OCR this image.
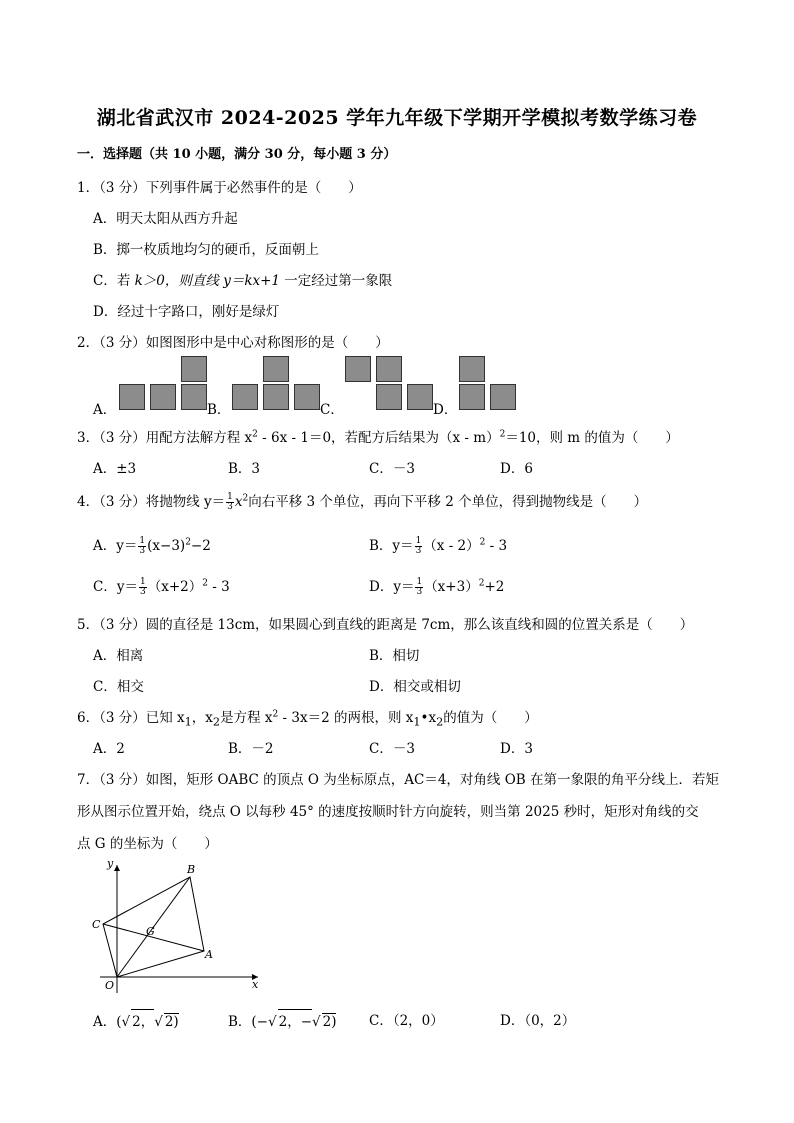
湖北省武汉市 2024-2025 学年九年级下学期开学模拟考数学练习卷
一．选择题（共 10 小题，满分 30 分，每小题 3 分）
1．（3 分）下列事件属于必然事件的是（　　）
A．明天太阳从西方升起
B．掷一枚质地均匀的硬币，反面朝上
C．若 k＞0，则直线 y＝kx+1 一定经过第一象限
D．经过十字路口，刚好是绿灯
2．（3 分）如图图形中是中心对称图形的是（　　）
A．	B．	C．	D．
3．（3 分）用配方法解方程 $x^2 - 6x - 1=0$，若配方后结果为（x - m）$^2$＝10，则 m 的值为（　　）
A．±3	B．3	C．－3	D．6
4．（3 分）将抛物线 $y= \frac{1}{3} x^2$向右平移 3 个单位，再向下平移 2 个单位，得到抛物线是（　　）
A．$y= \frac{1}{3} (x-3)^2-2$	B．$y= \frac{1}{3} (x - 2)^2 - 3$
C．$y= \frac{1}{3} (x+2)^2 - 3$	D．$y= \frac{1}{3} (x+3)^2+2$
5．（3 分）圆的直径是 13cm，如果圆心到直线的距离是 7cm，那么该直线和圆的位置关系是（　　）
A．相离	B．相切
C．相交	D．相交或相切
6．（3 分）已知 $x_1$，$x_2$是方程 $x^2 - 3x=2$ 的两根，则 $x_1•x_2$的值为（　　）
A．2	B．－2	C．－3	D．3
7．（3 分）如图，矩形 OABC 的顶点 O 为坐标原点，AC＝4，对角线 OB 在第一象限的角平分线上．若矩
形从图示位置开始，绕点 O 以每秒 45° 的速度按顺时针方向旋转，则当第 2025 秒时，矩形对角线的交
点 G 的坐标为（　　）
y
x
O
A
B
C
G
A．(√ 2，√ 2)	B．(−√ 2，−√ 2) C．（2，0）	D．（0，2）
